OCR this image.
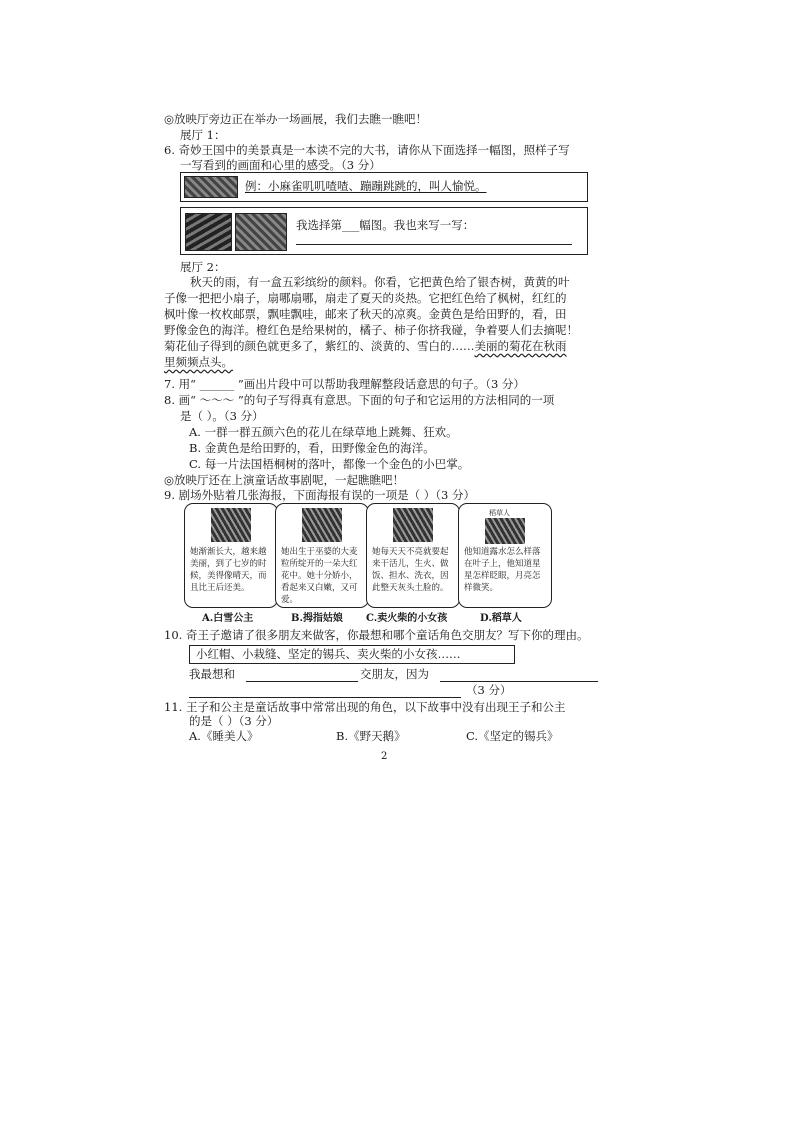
◎放映厅旁边正在举办一场画展，我们去瞧一瞧吧！
展厅 1：
6. 奇妙王国中的美景真是一本读不完的大书，请你从下面选择一幅图，照样子写
一写看到的画面和心里的感受。（3 分）
例：小麻雀叽叽喳喳、蹦蹦跳跳的，叫人愉悦。
我选择第___幅图。我也来写一写：
展厅 2：
秋天的雨，有一盒五彩缤纷的颜料。你看，它把黄色给了银杏树，黄黄的叶
子像一把把小扇子，扇哪扇哪，扇走了夏天的炎热。它把红色给了枫树，红红的
枫叶像一枚枚邮票，飘哇飘哇，邮来了秋天的凉爽。金黄色是给田野的，看，田
野像金色的海洋。橙红色是给果树的，橘子、柿子你挤我碰，争着要人们去摘呢！
菊花仙子得到的颜色就更多了，紫红的、淡黄的、雪白的……美丽的菊花在秋雨
里频频点头。
7. 用“ ______ ”画出片段中可以帮助我理解整段话意思的句子。（3 分）
8. 画“ ～～～ ”的句子写得真有意思。下面的句子和它运用的方法相同的一项
是（ ）。（3 分）
A. 一群一群五颜六色的花儿在绿草地上跳舞、狂欢。
B. 金黄色是给田野的，看，田野像金色的海洋。
C. 每一片法国梧桐树的落叶，都像一个金色的小巴掌。
◎放映厅还在上演童话故事剧呢，一起瞧瞧吧！
9. 剧场外贴着几张海报，下面海报有误的一项是（ ）（3 分）
她渐渐长大，越来越美丽，到了七岁的时候，美得像晴天，而且比王后还美。
她出生于巫婆的大麦粒所绽开的一朵大红花中。她十分娇小，看起来又白嫩，又可爱。
她每天天不亮就要起来干活儿，生火、做饭、担水、洗衣，因此整天灰头土脸的。
稻草人
他知道露水怎么样落在叶子上，他知道星星怎样眨眼，月亮怎样微笑。
A.白雪公主	B.拇指姑娘 C.卖火柴的小女孩	D.稻草人
10. 奇王子邀请了很多朋友来做客，你最想和哪个童话角色交朋友？写下你的理由。
小红帽、小栽缝、坚定的锡兵、卖火柴的小女孩……
我最想和	交朋友，因为
（3 分）
11. 王子和公主是童话故事中常常出现的角色，以下故事中没有出现王子和公主
的是（ ）（3 分）
A.《睡美人》	B.《野天鹅》	C.《坚定的锡兵》
2
